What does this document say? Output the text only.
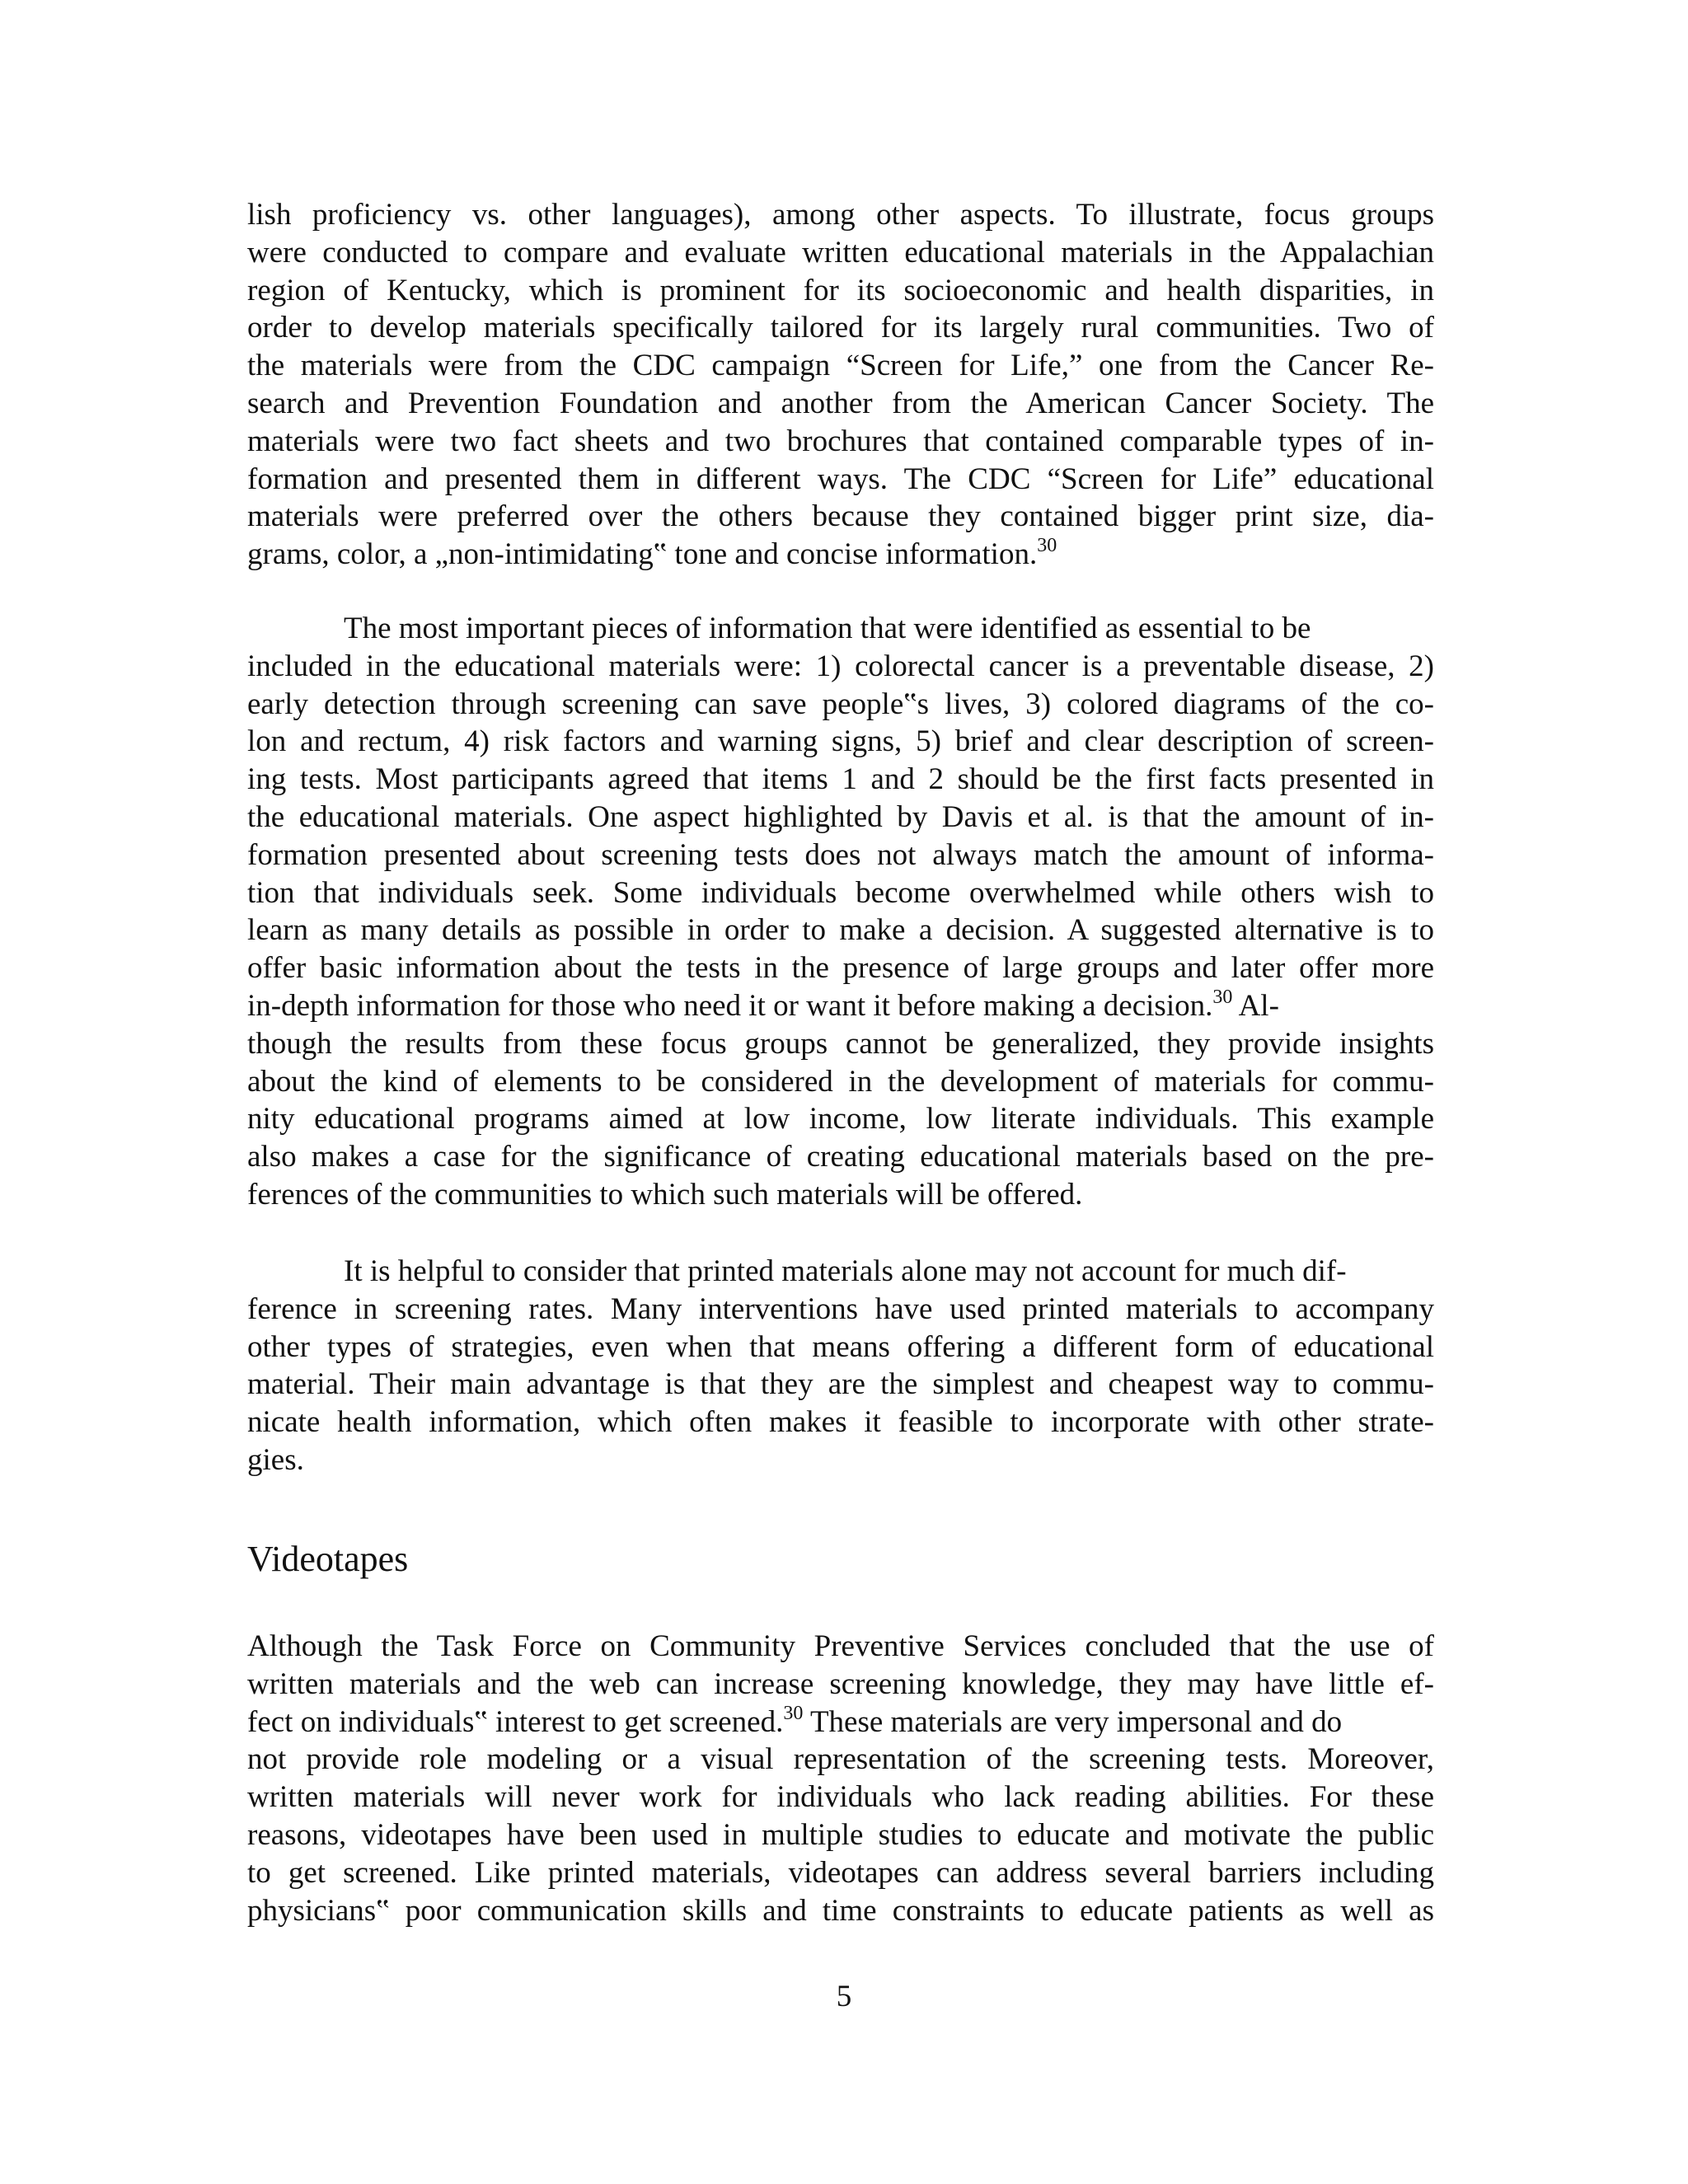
lish proficiency vs. other languages), among other aspects. To illustrate, focus groups
were conducted to compare and evaluate written educational materials in the Appalachian
region of Kentucky, which is prominent for its socioeconomic and health disparities, in
order to develop materials specifically tailored for its largely rural communities. Two of
the materials were from the CDC campaign “Screen for Life,” one from the Cancer Re-
search and Prevention Foundation and another from the American Cancer Society. The
materials were two fact sheets and two brochures that contained comparable types of in-
formation and presented them in different ways. The CDC “Screen for Life” educational
materials were preferred over the others because they contained bigger print size, dia-
grams, color, a „non-intimidating‟ tone and concise information.$^{30}$
The most important pieces of information that were identified as essential to be
included in the educational materials were: 1) colorectal cancer is a preventable disease, 2)
early detection through screening can save people‟s lives, 3) colored diagrams of the co-
lon and rectum, 4) risk factors and warning signs, 5) brief and clear description of screen-
ing tests. Most participants agreed that items 1 and 2 should be the first facts presented in
the educational materials. One aspect highlighted by Davis et al. is that the amount of in-
formation presented about screening tests does not always match the amount of informa-
tion that individuals seek. Some individuals become overwhelmed while others wish to
learn as many details as possible in order to make a decision. A suggested alternative is to
offer basic information about the tests in the presence of large groups and later offer more
in-depth information for those who need it or want it before making a decision.$^{30}$ Al-
though the results from these focus groups cannot be generalized, they provide insights
about the kind of elements to be considered in the development of materials for commu-
nity educational programs aimed at low income, low literate individuals. This example
also makes a case for the significance of creating educational materials based on the pre-
ferences of the communities to which such materials will be offered.
It is helpful to consider that printed materials alone may not account for much dif-
ference in screening rates. Many interventions have used printed materials to accompany
other types of strategies, even when that means offering a different form of educational
material. Their main advantage is that they are the simplest and cheapest way to commu-
nicate health information, which often makes it feasible to incorporate with other strate-
gies.
Videotapes
Although the Task Force on Community Preventive Services concluded that the use of
written materials and the web can increase screening knowledge, they may have little ef-
fect on individuals‟ interest to get screened.$^{30}$ These materials are very impersonal and do
not provide role modeling or a visual representation of the screening tests. Moreover,
written materials will never work for individuals who lack reading abilities. For these
reasons, videotapes have been used in multiple studies to educate and motivate the public
to get screened. Like printed materials, videotapes can address several barriers including
physicians‟ poor communication skills and time constraints to educate patients as well as
5
